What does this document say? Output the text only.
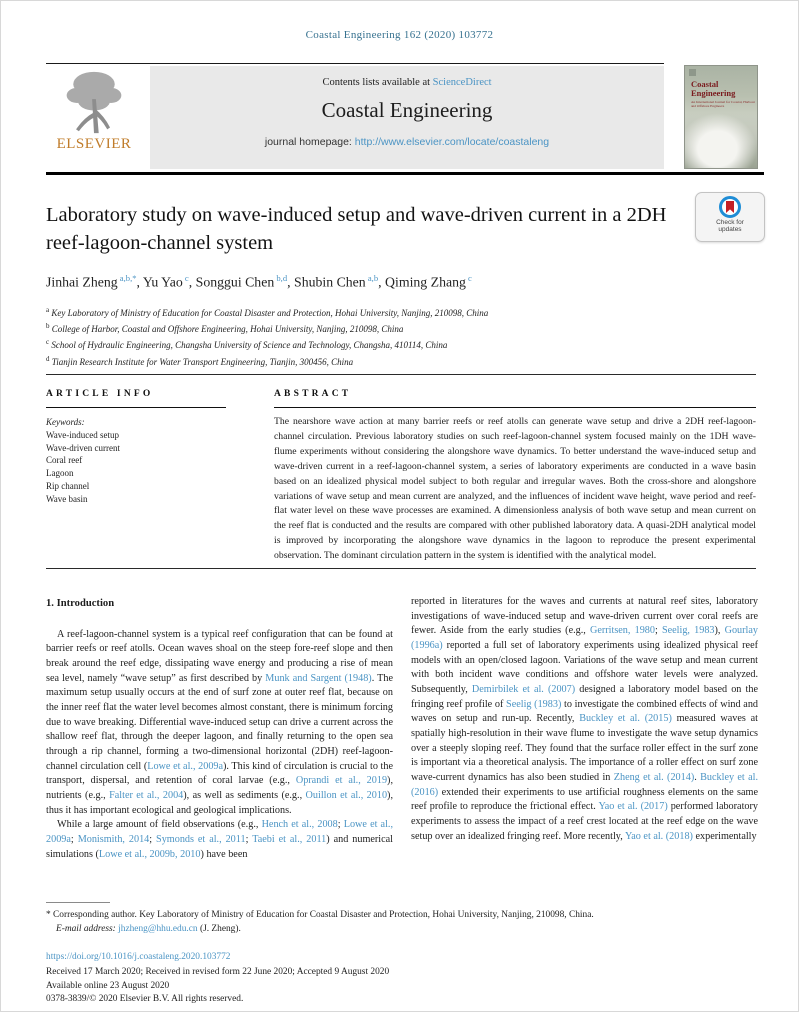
Coastal Engineering 162 (2020) 103772
ELSEVIER
Contents lists available at ScienceDirect
Coastal Engineering
journal homepage: http://www.elsevier.com/locate/coastaleng
Coastal Engineering
An International Journal for Coastal, Harbour and Offshore Engineers
Laboratory study on wave-induced setup and wave-driven current in a 2DH reef-lagoon-channel system
Check for
updates
Jinhai Zheng $^{a,b,*}$, Yu Yao $^c$, Songgui Chen $^{b,d}$, Shubin Chen $^{a,b}$, Qiming Zhang $^c$
$^a$ Key Laboratory of Ministry of Education for Coastal Disaster and Protection, Hohai University, Nanjing, 210098, China
$^b$ College of Harbor, Coastal and Offshore Engineering, Hohai University, Nanjing, 210098, China
$^c$ School of Hydraulic Engineering, Changsha University of Science and Technology, Changsha, 410114, China
$^d$ Tianjin Research Institute for Water Transport Engineering, Tianjin, 300456, China
ARTICLE INFO
Keywords:
Wave-induced setup
Wave-driven current
Coral reef
Lagoon
Rip channel
Wave basin
ABSTRACT
The nearshore wave action at many barrier reefs or reef atolls can generate wave setup and drive a 2DH reef-lagoon-channel circulation. Previous laboratory studies on such reef-lagoon-channel system focused mainly on the 1DH wave-flume experiments without considering the alongshore wave dynamics. To better understand the wave-induced setup and wave-driven current in a reef-lagoon-channel system, a series of laboratory experiments are conducted in a wave basin based on an idealized physical model subject to both regular and irregular waves. Both the cross-shore and alongshore variations of wave setup and mean current are analyzed, and the influences of incident wave height, wave period and reef-flat water level on these wave processes are examined. A dimensionless analysis of both wave setup and mean current on the reef flat is conducted and the results are compared with other published laboratory data. A quasi-2DH analytical model is improved by incorporating the alongshore wave dynamics in the lagoon to reproduce the present experimental observation. The dominant circulation pattern in the system is identified with the analytical model.
1. Introduction

A reef-lagoon-channel system is a typical reef configuration that can be found at barrier reefs or reef atolls. Ocean waves shoal on the steep fore-reef slope and then break around the reef edge, dissipating wave energy and producing a rise of mean sea level, namely “wave setup” as first described by Munk and Sargent (1948). The maximum setup usually occurs at the end of surf zone at outer reef flat, because on the inner reef flat the water level becomes almost constant, there is minimum forcing due to wave breaking. Differential wave-induced setup can drive a current across the shallow reef flat, through the deeper lagoon, and finally returning to the open sea through a rip channel, forming a two-dimensional horizontal (2DH) reef-lagoon-channel circulation cell (Lowe et al., 2009a). This kind of circulation is crucial to the transport, dispersal, and retention of coral larvae (e.g., Oprandi et al., 2019), nutrients (e.g., Falter et al., 2004), as well as sediments (e.g., Ouillon et al., 2010), thus it has important ecological and geological implications.

While a large amount of field observations (e.g., Hench et al., 2008; Lowe et al., 2009a; Monismith, 2014; Symonds et al., 2011; Taebi et al., 2011) and numerical simulations (Lowe et al., 2009b, 2010) have been

reported in literatures for the waves and currents at natural reef sites, laboratory investigations of wave-induced setup and wave-driven current over coral reefs are fewer. Aside from the early studies (e.g., Gerritsen, 1980; Seelig, 1983), Gourlay (1996a) reported a full set of laboratory experiments using idealized physical reef models with an open/closed lagoon. Variations of the wave setup and mean current with both incident wave conditions and offshore water levels were analyzed. Subsequently, Demirbilek et al. (2007) designed a laboratory model based on the fringing reef profile of Seelig (1983) to investigate the combined effects of wind and waves on setup and run-up. Recently, Buckley et al. (2015) measured waves at spatially high-resolution in their wave flume to investigate the wave setup dynamics over a steeply sloping reef. They found that the surface roller effect in the surf zone is important via a theoretical analysis. The importance of a roller effect on surf zone wave-current dynamics has also been studied in Zheng et al. (2014). Buckley et al. (2016) extended their experiments to use artificial roughness elements on the same reef profile to reproduce the frictional effect. Yao et al. (2017) performed laboratory experiments to assess the impact of a reef crest located at the reef edge on the wave setup over an idealized fringing reef. More recently, Yao et al. (2018) experimentally

* Corresponding author. Key Laboratory of Ministry of Education for Coastal Disaster and Protection, Hohai University, Nanjing, 210098, China.
E-mail address: jhzheng@hhu.edu.cn (J. Zheng).
https://doi.org/10.1016/j.coastaleng.2020.103772
Received 17 March 2020; Received in revised form 22 June 2020; Accepted 9 August 2020
Available online 23 August 2020
0378-3839/© 2020 Elsevier B.V. All rights reserved.
